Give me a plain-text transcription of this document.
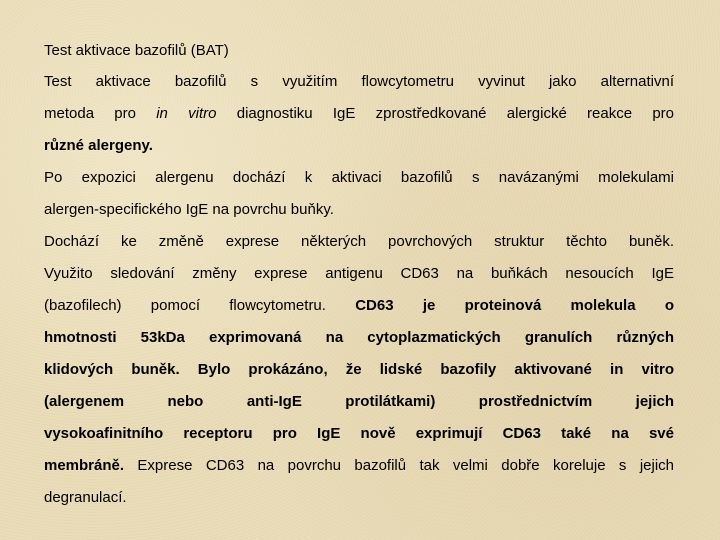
Test aktivace bazofilů (BAT)
Test aktivace bazofilů s využitím flowcytometru vyvinut jako alternativní
metoda pro in vitro diagnostiku IgE zprostředkované alergické reakce pro
různé alergeny.
Po expozici alergenu dochází k aktivaci bazofilů s navázanými molekulami
alergen-specifického IgE na povrchu buňky.
Dochází ke změně exprese některých povrchových struktur těchto buněk.
Využito sledování změny exprese antigenu CD63 na buňkách nesoucích IgE
(bazofilech) pomocí flowcytometru. CD63 je proteinová molekula o
hmotnosti 53kDa exprimovaná na cytoplazmatických granulích různých
klidových buněk. Bylo prokázáno, že lidské bazofily aktivované in vitro
(alergenem nebo anti-IgE protilátkami) prostřednictvím jejich
vysokoafinitního receptoru pro IgE nově exprimují CD63 také na své
membráně. Exprese CD63 na povrchu bazofilů tak velmi dobře koreluje s jejich
degranulací.
